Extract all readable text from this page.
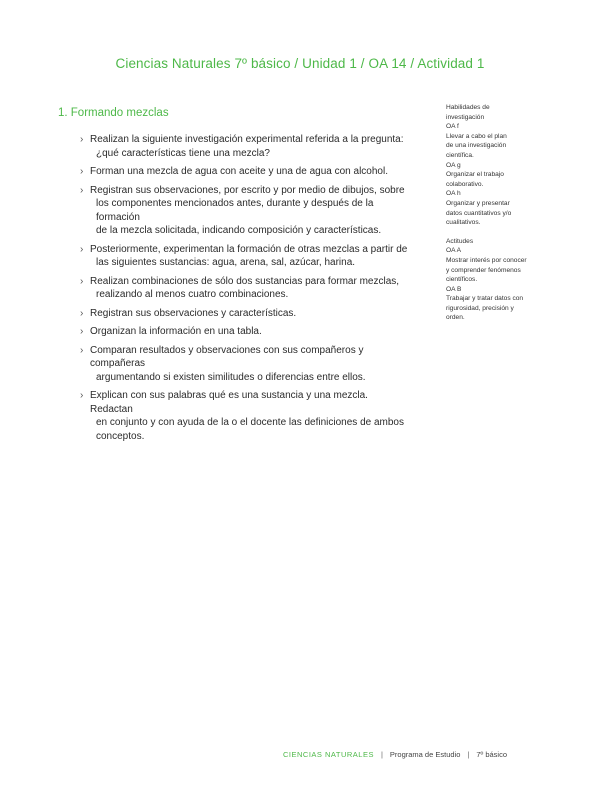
Ciencias Naturales 7º básico / Unidad 1 / OA 14 / Actividad 1
1. Formando mezclas
› Realizan la siguiente investigación experimental referida a la pregunta:
¿qué características tiene una mezcla?
› Forman una mezcla de agua con aceite y una de agua con alcohol.
› Registran sus observaciones, por escrito y por medio de dibujos, sobre
los componentes mencionados antes, durante y después de la formación
de la mezcla solicitada, indicando composición y características.
› Posteriormente, experimentan la formación de otras mezclas a partir de
las siguientes sustancias: agua, arena, sal, azúcar, harina.
› Realizan combinaciones de sólo dos sustancias para formar mezclas,
realizando al menos cuatro combinaciones.
› Registran sus observaciones y características.
› Organizan la información en una tabla.
› Comparan resultados y observaciones con sus compañeros y compañeras
argumentando si existen similitudes o diferencias entre ellos.
› Explican con sus palabras qué es una sustancia y una mezcla. Redactan
en conjunto y con ayuda de la o el docente las definiciones de ambos
conceptos.
Habilidades de
investigación
OA f
Llevar a cabo el plan
de una investigación
científica.
OA g
Organizar el trabajo
colaborativo.
OA h
Organizar y presentar
datos cuantitativos y/o
cualitativos.
Actitudes
OA A
Mostrar interés por conocer
y comprender fenómenos
científicos.
OA B
Trabajar y tratar datos con
rigurosidad, precisión y
orden.
CIENCIAS NATURALES | Programa de Estudio | 7º básico
